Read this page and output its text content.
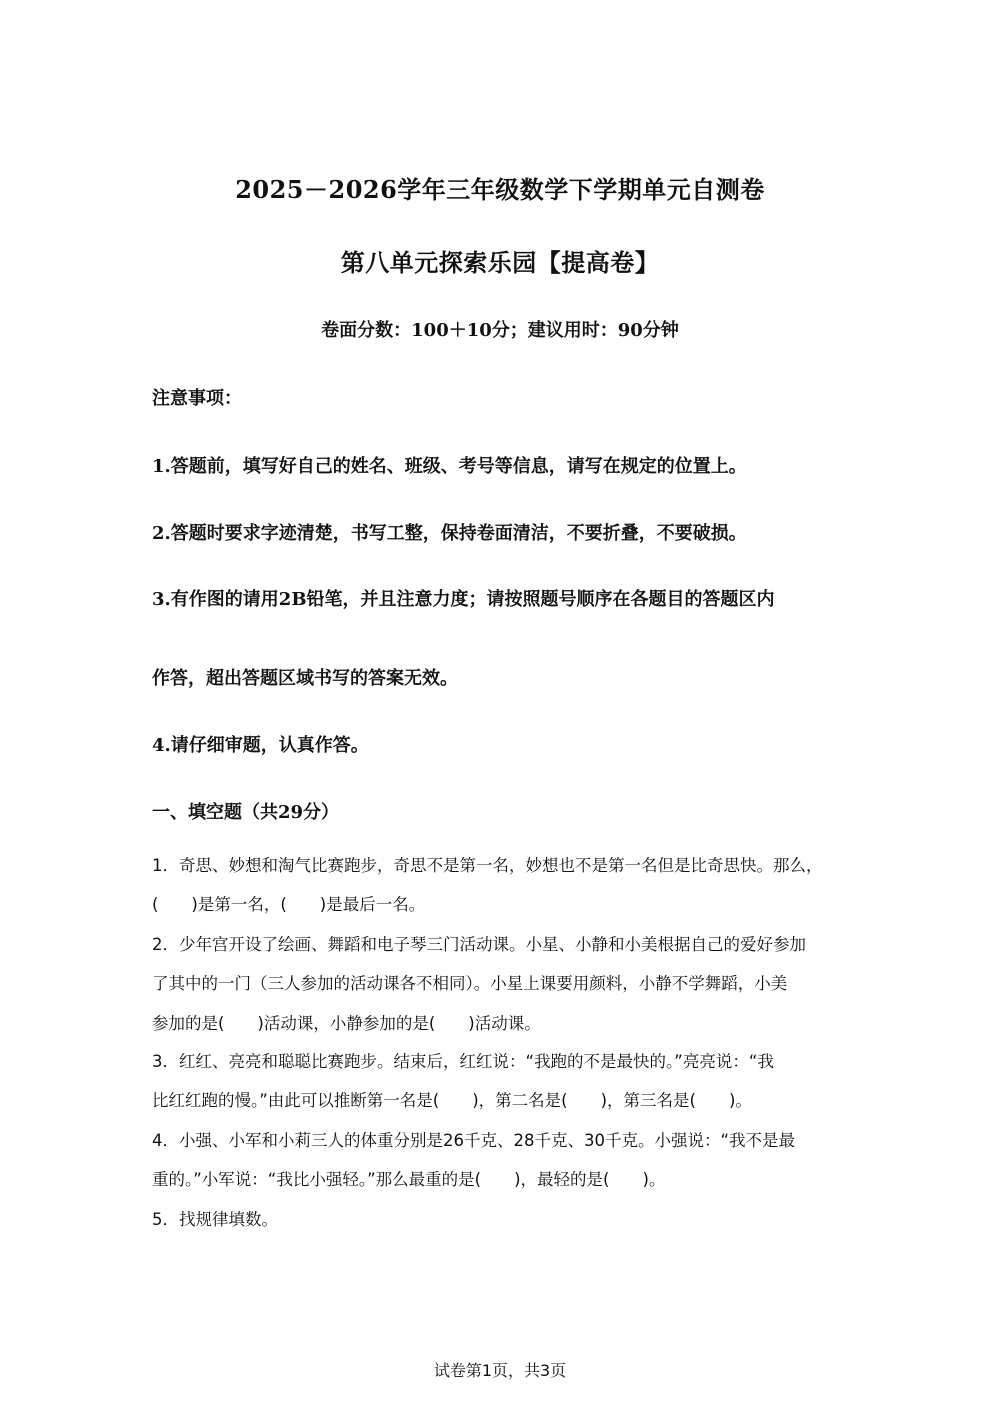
2025－2026学年三年级数学下学期单元自测卷
第八单元探索乐园【提高卷】
卷面分数：100＋10分；建议用时：90分钟
注意事项：
1.答题前，填写好自己的姓名、班级、考号等信息，请写在规定的位置上。
2.答题时要求字迹清楚，书写工整，保持卷面清洁，不要折叠，不要破损。
3.有作图的请用2B铅笔，并且注意力度；请按照题号顺序在各题目的答题区内
作答，超出答题区域书写的答案无效。
4.请仔细审题，认真作答。
一、填空题（共29分）
1．奇思、妙想和淘气比赛跑步，奇思不是第一名，妙想也不是第一名但是比奇思快。那么，
(　　)是第一名，(　　)是最后一名。
2．少年宫开设了绘画、舞蹈和电子琴三门活动课。小星、小静和小美根据自己的爱好参加
了其中的一门（三人参加的活动课各不相同）。小星上课要用颜料，小静不学舞蹈，小美
参加的是(　　)活动课，小静参加的是(　　)活动课。
3．红红、亮亮和聪聪比赛跑步。结束后，红红说：“我跑的不是最快的。”亮亮说：“我
比红红跑的慢。”由此可以推断第一名是(　　)，第二名是(　　)，第三名是(　　)。
4．小强、小军和小莉三人的体重分别是26千克、28千克、30千克。小强说：“我不是最
重的。”小军说：“我比小强轻。”那么最重的是(　　)，最轻的是(　　)。
5．找规律填数。
试卷第1页，共3页
